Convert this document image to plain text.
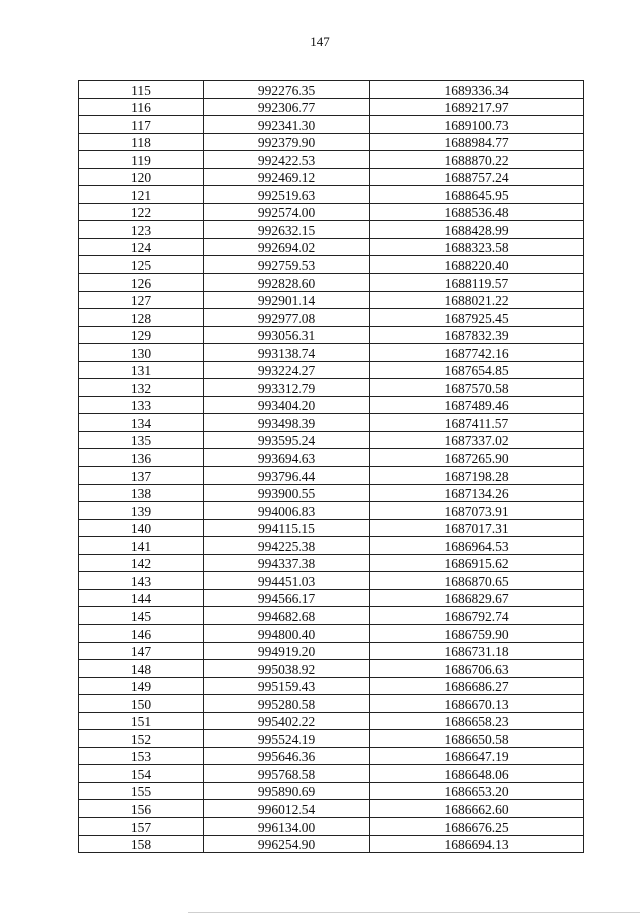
147
115	992276.35	1689336.34
116	992306.77	1689217.97
117	992341.30	1689100.73
118	992379.90	1688984.77
119	992422.53	1688870.22
120	992469.12	1688757.24
121	992519.63	1688645.95
122	992574.00	1688536.48
123	992632.15	1688428.99
124	992694.02	1688323.58
125	992759.53	1688220.40
126	992828.60	1688119.57
127	992901.14	1688021.22
128	992977.08	1687925.45
129	993056.31	1687832.39
130	993138.74	1687742.16
131	993224.27	1687654.85
132	993312.79	1687570.58
133	993404.20	1687489.46
134	993498.39	1687411.57
135	993595.24	1687337.02
136	993694.63	1687265.90
137	993796.44	1687198.28
138	993900.55	1687134.26
139	994006.83	1687073.91
140	994115.15	1687017.31
141	994225.38	1686964.53
142	994337.38	1686915.62
143	994451.03	1686870.65
144	994566.17	1686829.67
145	994682.68	1686792.74
146	994800.40	1686759.90
147	994919.20	1686731.18
148	995038.92	1686706.63
149	995159.43	1686686.27
150	995280.58	1686670.13
151	995402.22	1686658.23
152	995524.19	1686650.58
153	995646.36	1686647.19
154	995768.58	1686648.06
155	995890.69	1686653.20
156	996012.54	1686662.60
157	996134.00	1686676.25
158	996254.90	1686694.13
